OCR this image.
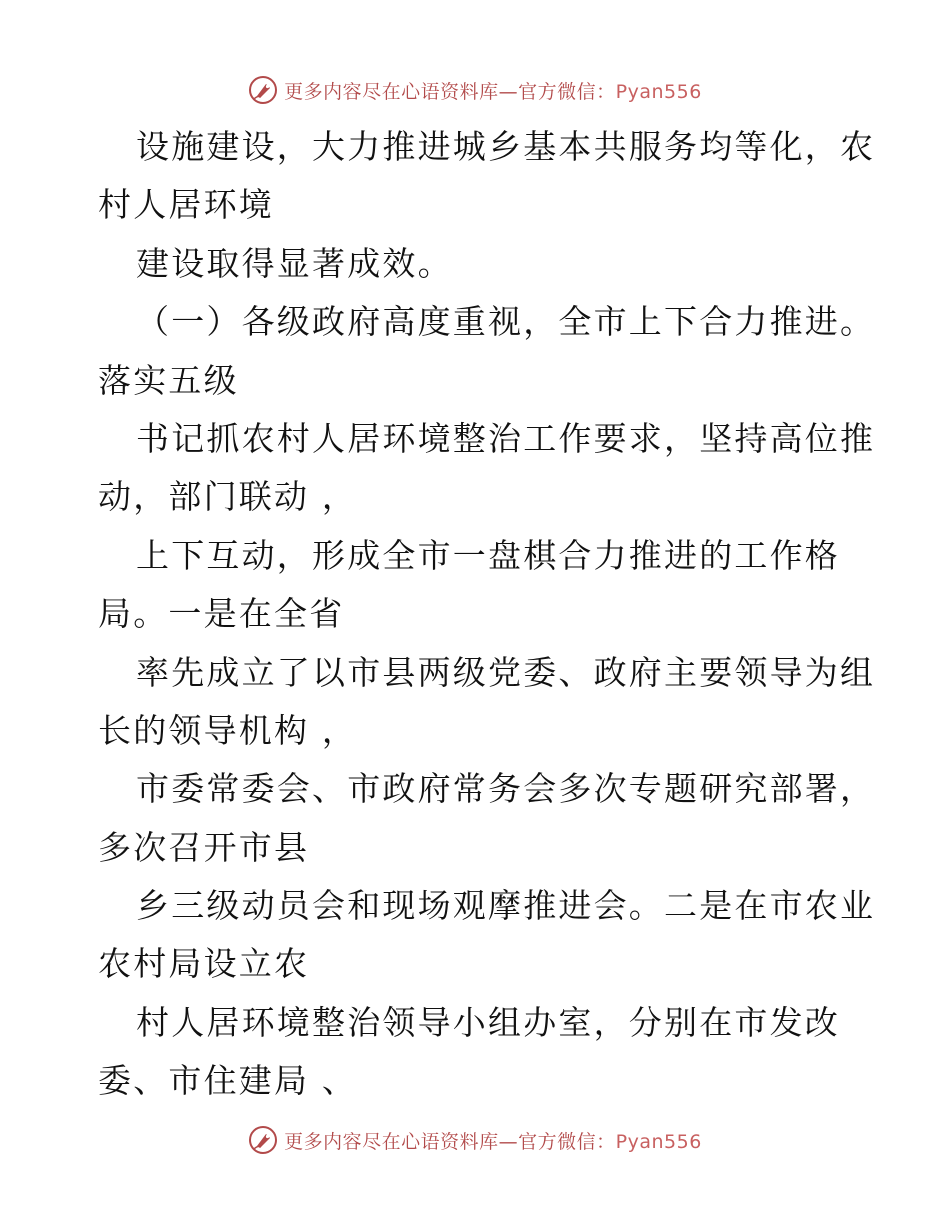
更多内容尽在心语资料库—官方微信：Pyan556
设施建设，大力推进城乡基本共服务均等化，农
村人居环境
建设取得显著成效。
（一）各级政府高度重视，全市上下合力推进。
落实五级
书记抓农村人居环境整治工作要求，坚持高位推
动，部门联动 ，
上下互动，形成全市一盘棋合力推进的工作格
局。一是在全省
率先成立了以市县两级党委、政府主要领导为组
长的领导机构 ，
市委常委会、市政府常务会多次专题研究部署，
多次召开市县
乡三级动员会和现场观摩推进会。二是在市农业
农村局设立农
村人居环境整治领导小组办室，分别在市发改
委、市住建局 、
更多内容尽在心语资料库—官方微信：Pyan556
